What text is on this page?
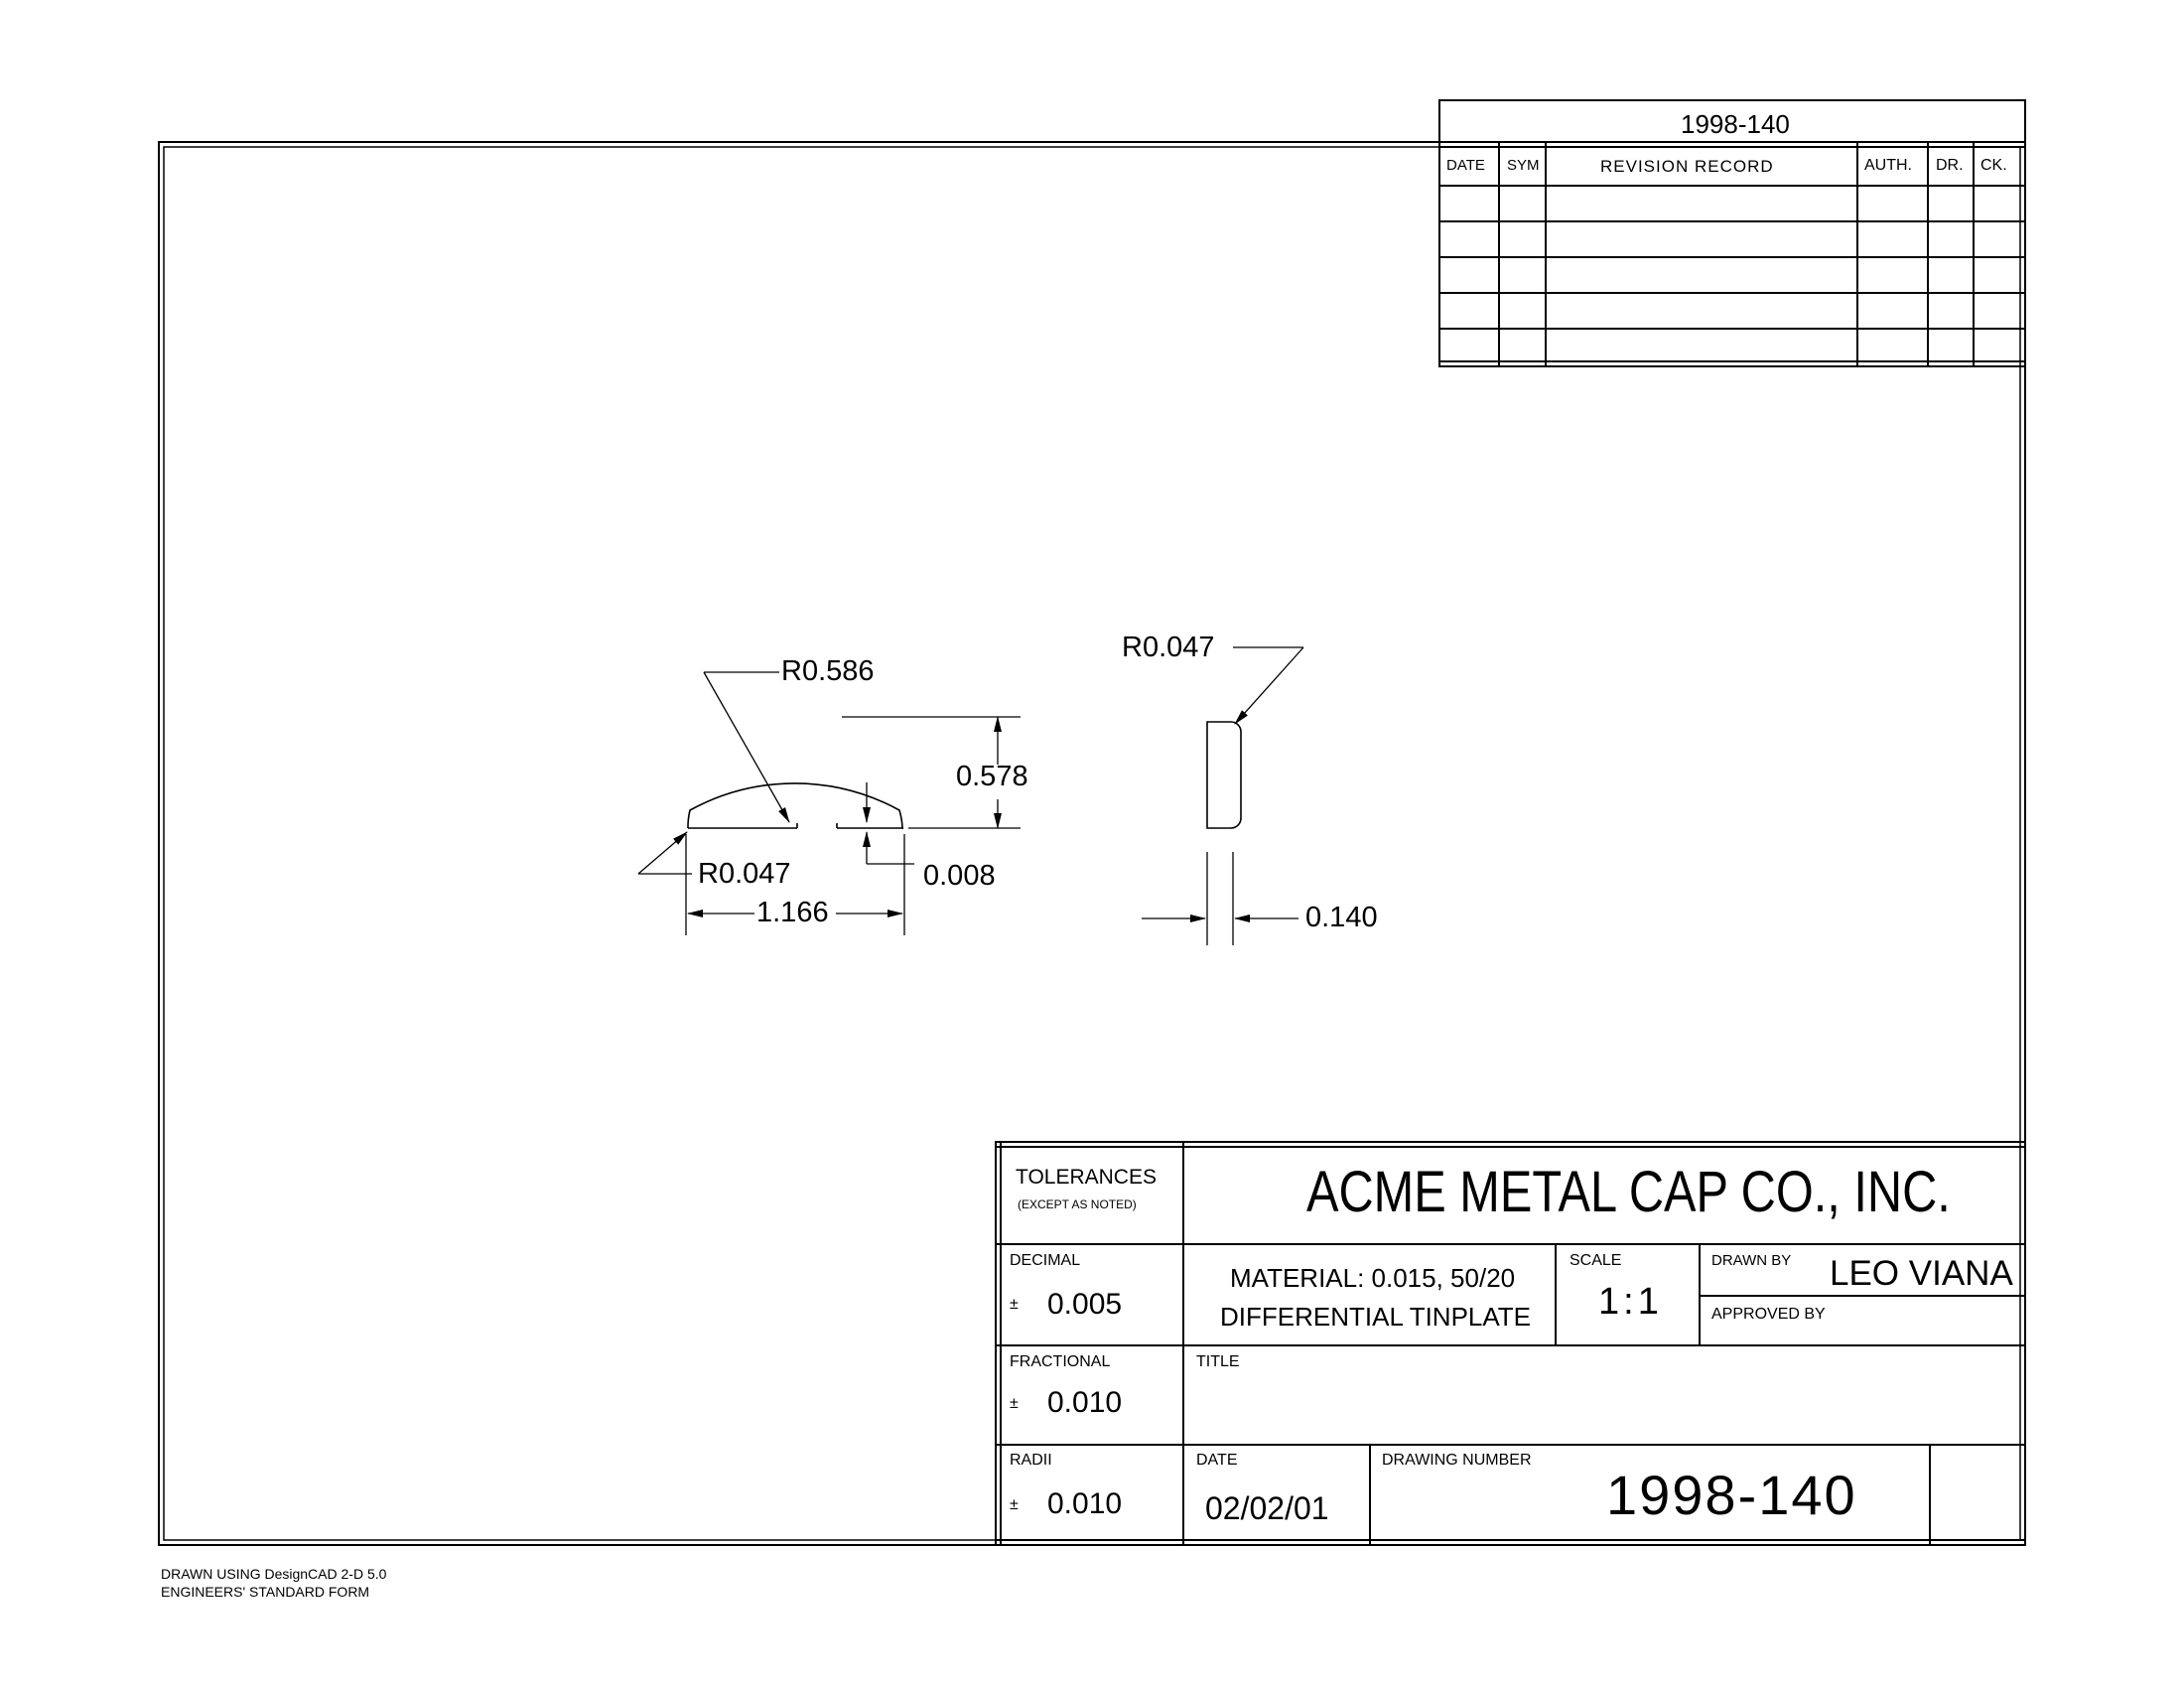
1998-140
DATE SYM	REVISION RECORD	AUTH. DR. CK.
R0.586
0.578
R0.047	0.008
1.166
R0.047
0.140
TOLERANCES
(EXCEPT AS NOTED)	ACME METAL CAP CO., INC.
DECIMAL
± 0.005
MATERIAL: 0.015, 50/20
DIFFERENTIAL TINPLATE
SCALE
1:1
DRAWN BY LEO VIANA
APPROVED BY
FRACTIONAL
± 0.010
TITLE
RADII
± 0.010
DATE
02/02/01
DRAWING NUMBER
1998-140
DRAWN USING DesignCAD 2-D 5.0
ENGINEERS' STANDARD FORM
